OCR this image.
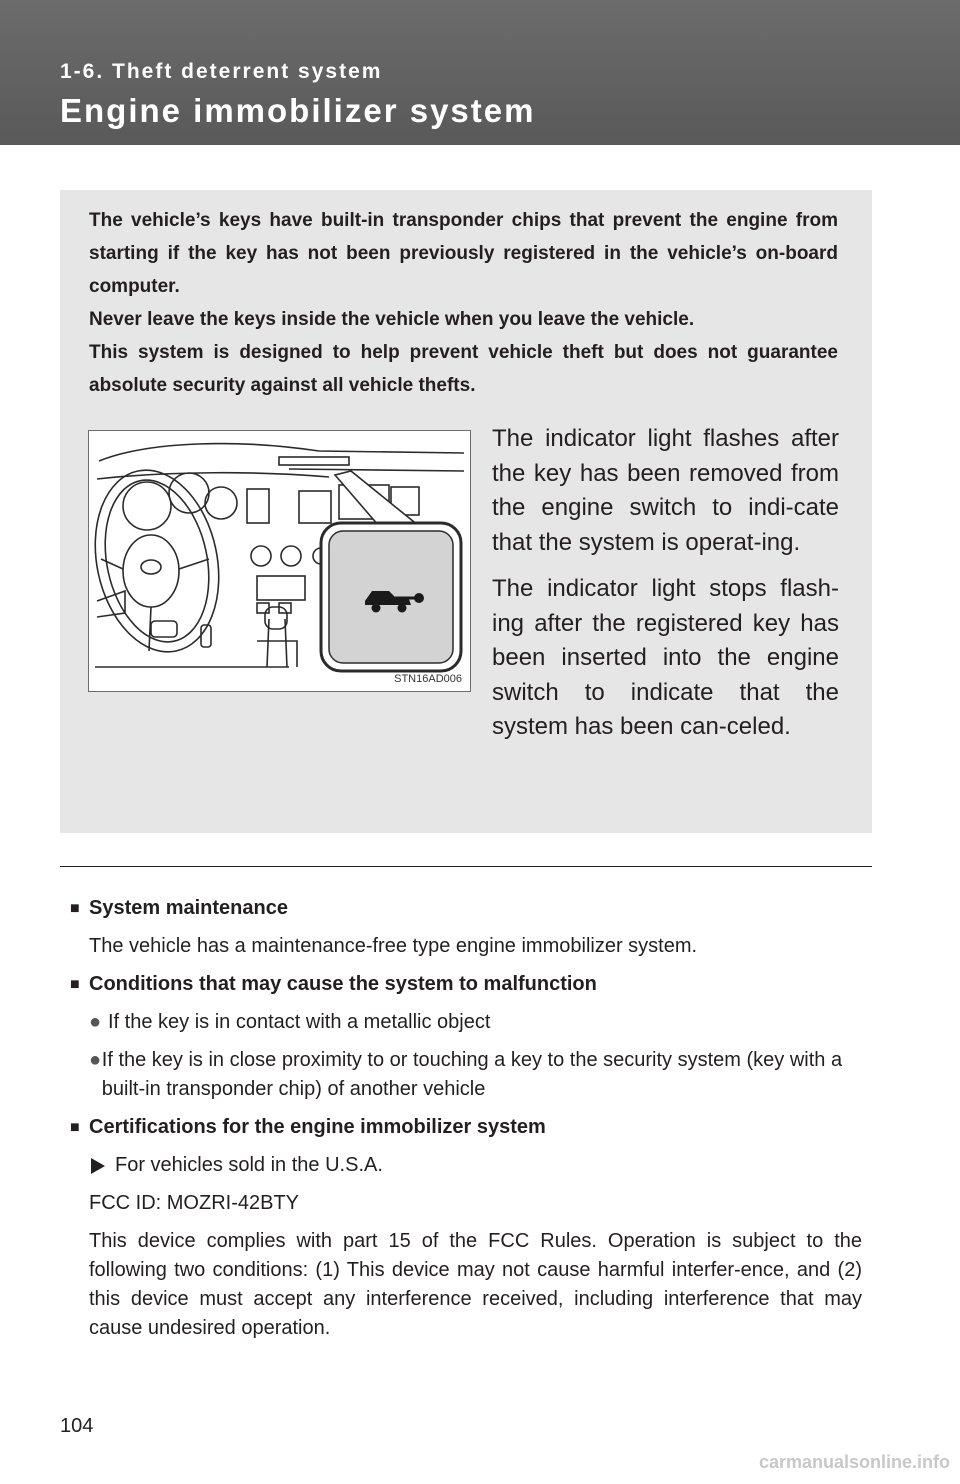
1-6. Theft deterrent system
Engine immobilizer system

The vehicle’s keys have built-in transponder chips that prevent the engine from starting if the key has not been previously registered in the vehicle’s on-board computer.

Never leave the keys inside the vehicle when you leave the vehicle.

This system is designed to help prevent vehicle theft but does not guarantee absolute security against all vehicle thefts.

STN16AD006

The indicator light flashes after the key has been removed from the engine switch to indi-cate that the system is operat-ing.

The indicator light stops flash-ing after the registered key has been inserted into the engine switch to indicate that the system has been can-celed.

■ System maintenance
The vehicle has a maintenance-free type engine immobilizer system.
■ Conditions that may cause the system to malfunction
● If the key is in contact with a metallic object
● If the key is in close proximity to or touching a key to the security system (key with a built-in transponder chip) of another vehicle
■ Certifications for the engine immobilizer system
For vehicles sold in the U.S.A.
FCC ID: MOZRI-42BTY
This device complies with part 15 of the FCC Rules. Operation is subject to the following two conditions: (1) This device may not cause harmful interfer-ence, and (2) this device must accept any interference received, including interference that may cause undesired operation.
104
carmanualsonline.info
